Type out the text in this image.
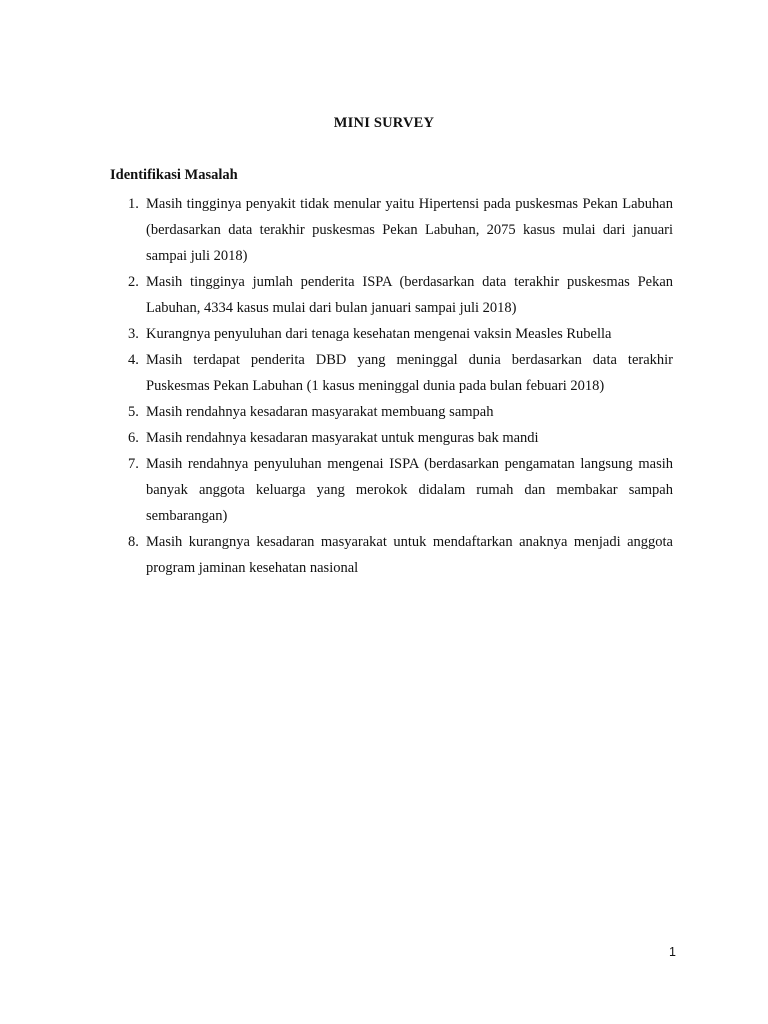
MINI SURVEY
Identifikasi Masalah
1. Masih tingginya penyakit tidak menular yaitu Hipertensi pada puskesmas Pekan Labuhan (berdasarkan data terakhir puskesmas Pekan Labuhan, 2075 kasus mulai dari januari sampai juli 2018)
2. Masih tingginya jumlah penderita ISPA (berdasarkan data terakhir puskesmas Pekan Labuhan, 4334 kasus mulai dari bulan januari sampai juli 2018)
3. Kurangnya penyuluhan dari tenaga kesehatan mengenai vaksin Measles Rubella
4. Masih terdapat penderita DBD yang meninggal dunia berdasarkan data terakhir Puskesmas Pekan Labuhan (1 kasus meninggal dunia pada bulan febuari 2018)
5. Masih rendahnya kesadaran masyarakat membuang sampah
6. Masih rendahnya kesadaran masyarakat untuk menguras bak mandi
7. Masih rendahnya penyuluhan mengenai ISPA (berdasarkan pengamatan langsung masih banyak anggota keluarga yang merokok didalam rumah dan membakar sampah sembarangan)
8. Masih kurangnya kesadaran masyarakat untuk mendaftarkan anaknya menjadi anggota program jaminan kesehatan nasional
1
